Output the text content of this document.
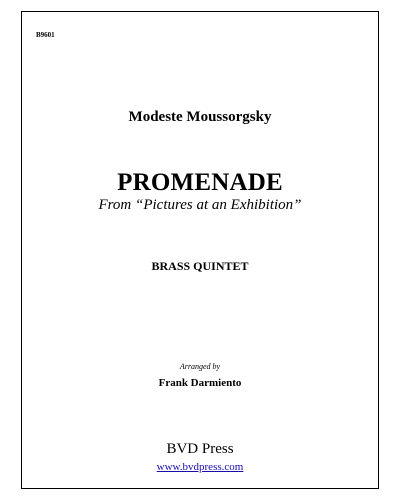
B9601
Modeste Moussorgsky
PROMENADE
From “Pictures at an Exhibition”
BRASS QUINTET
Arranged by
Frank Darmiento
BVD Press
www.bvdpress.com
